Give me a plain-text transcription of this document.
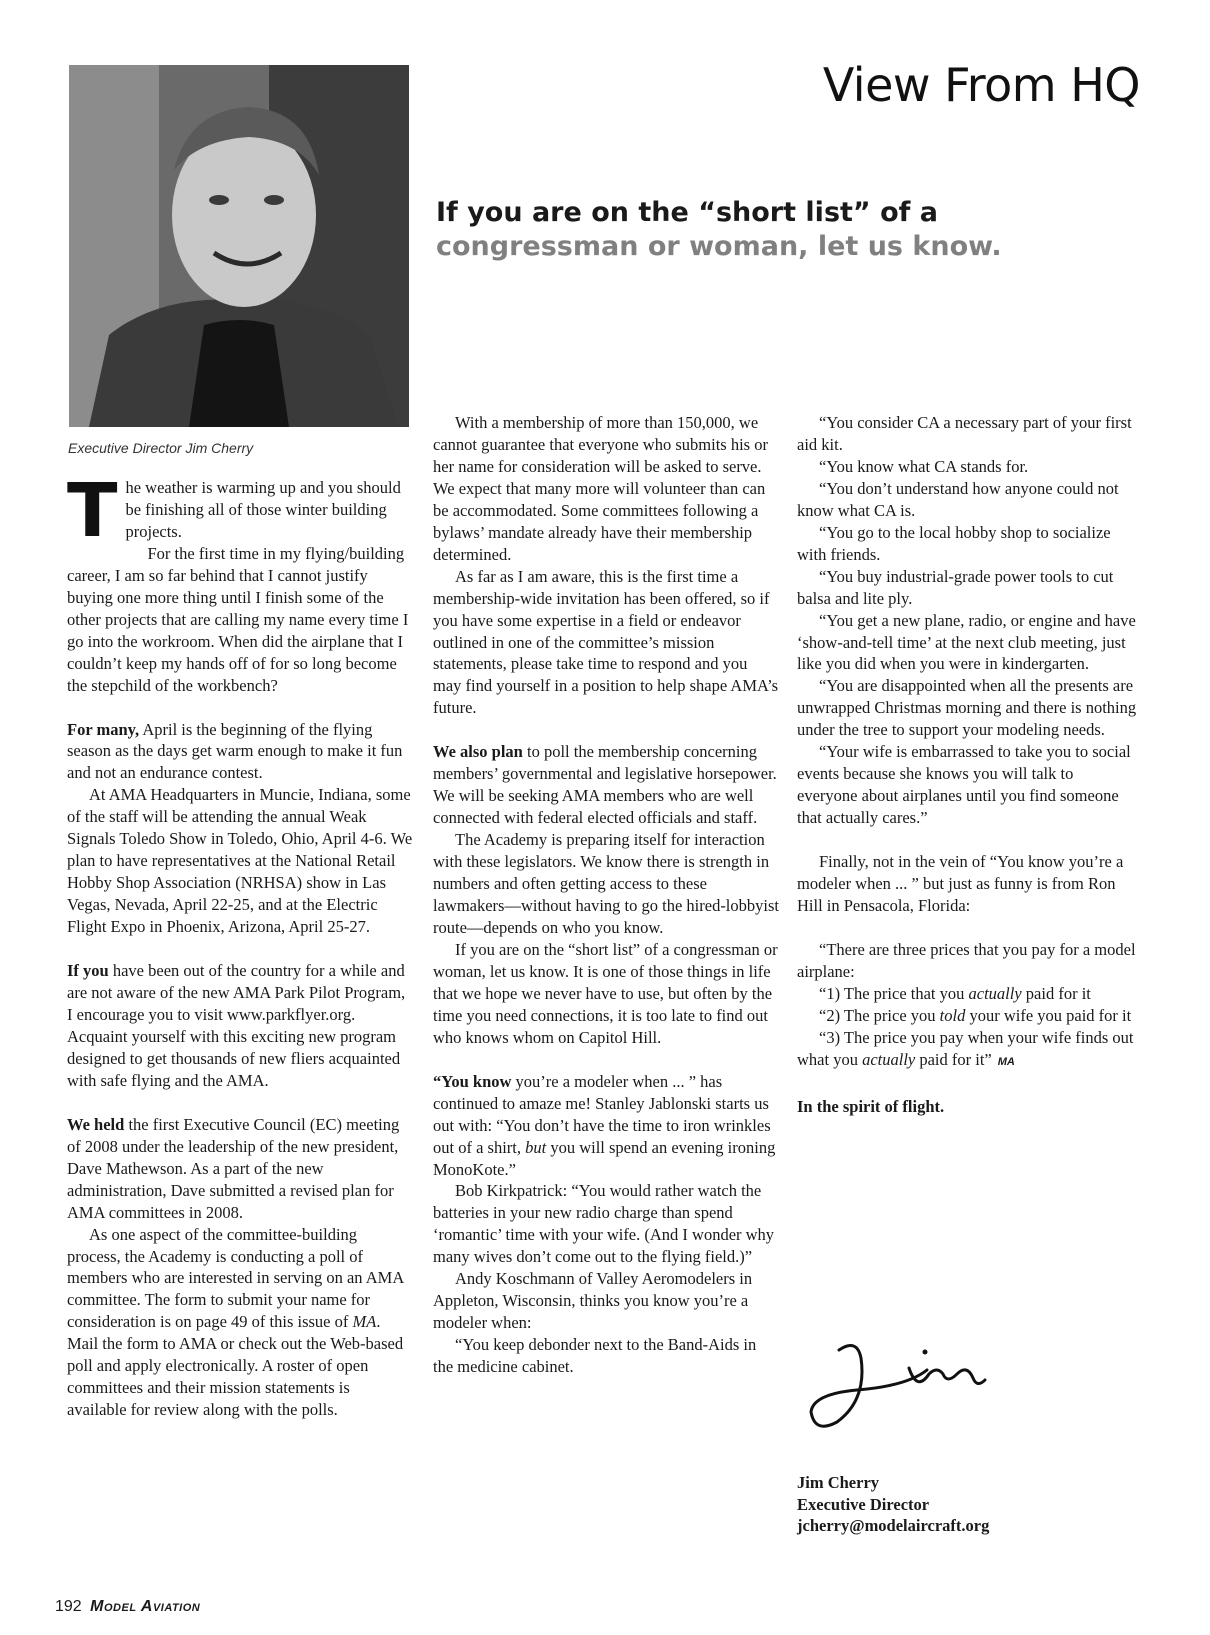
View From HQ
Executive Director Jim Cherry
If you are on the “short list” of a
congressman or woman, let us know.

The weather is warming up and you should be finishing all of those winter building projects.

For the first time in my flying/building career, I am so far behind that I cannot justify buying one more thing until I finish some of the other projects that are calling my name every time I go into the workroom. When did the airplane that I couldn’t keep my hands off of for so long become the stepchild of the workbench?

For many, April is the beginning of the flying season as the days get warm enough to make it fun and not an endurance contest.

At AMA Headquarters in Muncie, Indiana, some of the staff will be attending the annual Weak Signals Toledo Show in Toledo, Ohio, April 4-6. We plan to have representatives at the National Retail Hobby Shop Association (NRHSA) show in Las Vegas, Nevada, April 22-25, and at the Electric Flight Expo in Phoenix, Arizona, April 25-27.

If you have been out of the country for a while and are not aware of the new AMA Park Pilot Program, I encourage you to visit www.parkflyer.org. Acquaint yourself with this exciting new program designed to get thousands of new fliers acquainted with safe flying and the AMA.

We held the first Executive Council (EC) meeting of 2008 under the leadership of the new president, Dave Mathewson. As a part of the new administration, Dave submitted a revised plan for AMA committees in 2008.

As one aspect of the committee-building process, the Academy is conducting a poll of members who are interested in serving on an AMA committee. The form to submit your name for consideration is on page 49 of this issue of MA. Mail the form to AMA or check out the Web-based poll and apply electronically. A roster of open committees and their mission statements is available for review along with the polls.

With a membership of more than 150,000, we cannot guarantee that everyone who submits his or her name for consideration will be asked to serve. We expect that many more will volunteer than can be accommodated. Some committees following a bylaws’ mandate already have their membership determined.

As far as I am aware, this is the first time a membership-wide invitation has been offered, so if you have some expertise in a field or endeavor outlined in one of the committee’s mission statements, please take time to respond and you may find yourself in a position to help shape AMA’s future.

We also plan to poll the membership concerning members’ governmental and legislative horsepower. We will be seeking AMA members who are well connected with federal elected officials and staff.

The Academy is preparing itself for interaction with these legislators. We know there is strength in numbers and often getting access to these lawmakers—without having to go the hired-lobbyist route—depends on who you know.

If you are on the “short list” of a congressman or woman, let us know. It is one of those things in life that we hope we never have to use, but often by the time you need connections, it is too late to find out who knows whom on Capitol Hill.

“You know you’re a modeler when ... ” has continued to amaze me! Stanley Jablonski starts us out with: “You don’t have the time to iron wrinkles out of a shirt, but you will spend an evening ironing MonoKote.”

Bob Kirkpatrick: “You would rather watch the batteries in your new radio charge than spend ‘romantic’ time with your wife. (And I wonder why many wives don’t come out to the flying field.)”

Andy Koschmann of Valley Aeromodelers in Appleton, Wisconsin, thinks you know you’re a modeler when:

“You keep debonder next to the Band-Aids in the medicine cabinet.

“You consider CA a necessary part of your first aid kit.

“You know what CA stands for.

“You don’t understand how anyone could not know what CA is.

“You go to the local hobby shop to socialize with friends.

“You buy industrial-grade power tools to cut balsa and lite ply.

“You get a new plane, radio, or engine and have ‘show-and-tell time’ at the next club meeting, just like you did when you were in kindergarten.

“You are disappointed when all the presents are unwrapped Christmas morning and there is nothing under the tree to support your modeling needs.

“Your wife is embarrassed to take you to social events because she knows you will talk to everyone about airplanes until you find someone that actually cares.”

Finally, not in the vein of “You know you’re a modeler when ... ” but just as funny is from Ron Hill in Pensacola, Florida:

“There are three prices that you pay for a model airplane:

“1) The price that you actually paid for it

“2) The price you told your wife you paid for it

“3) The price you pay when your wife finds out what you actually paid for it” MA

In the spirit of flight.

Jim Cherry
Executive Director
jcherry@modelaircraft.org
192 Model Aviation
